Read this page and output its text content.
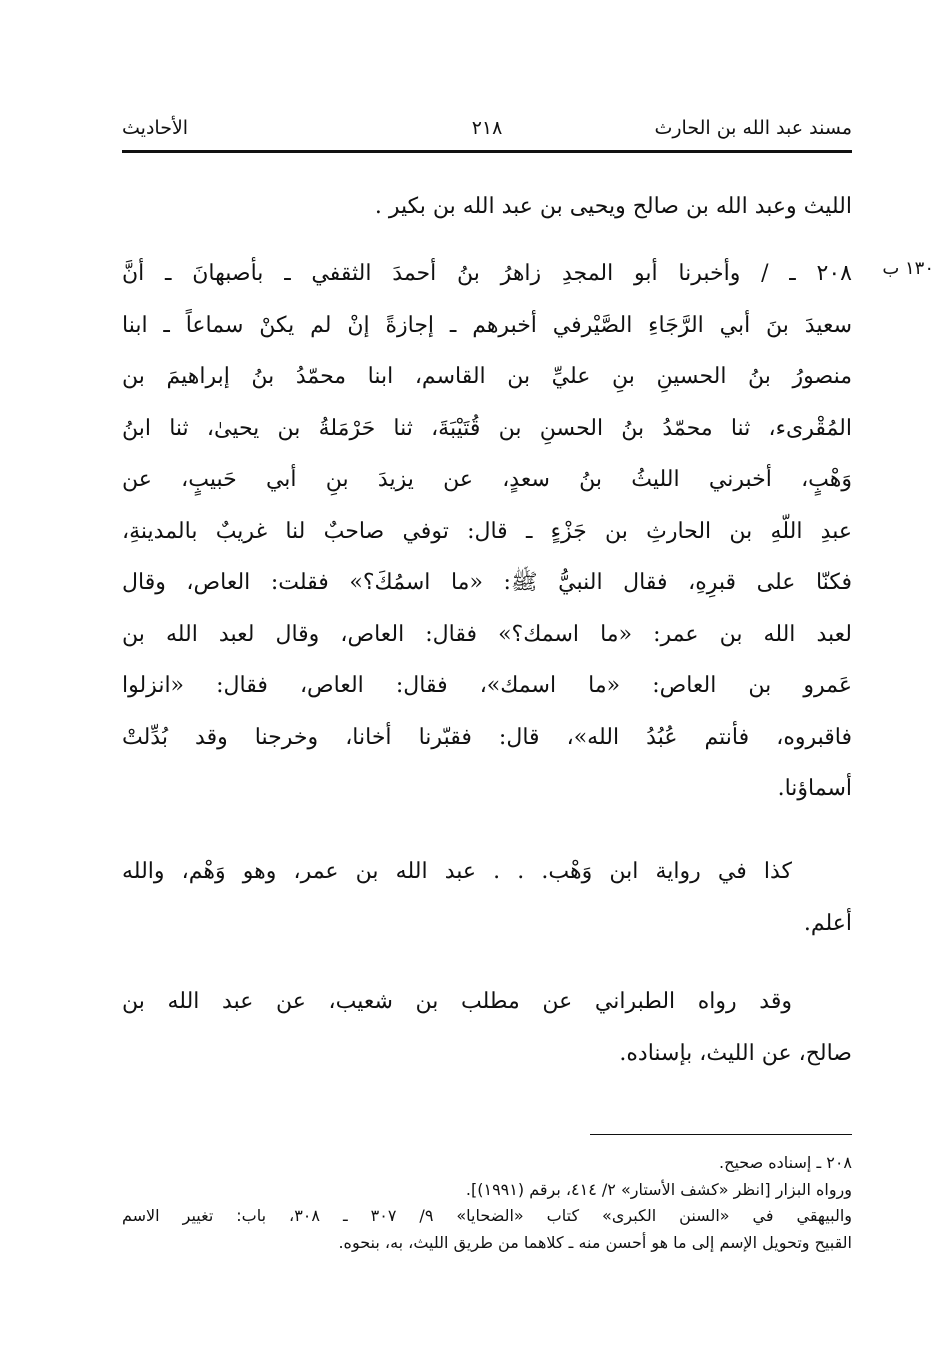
٢١٨	مسند عبد الله بن الحارث
الأحاديث
١٣٠ ب
الليث وعبد الله بن صالح ويحيى بن عبد الله بن بكير .
٢٠٨ ـ / وأخبرنا أبو المجدِ زاهرُ بنُ أحمدَ الثقفي ـ بأصبهانَ ـ أنَّ
سعيدَ بنَ أبي الرَّجَاءِ الصَّيْرفي أخبرهم ـ إجازةً إنْ لم يكنْ سماعاً ـ ابنا
منصورُ بنُ الحسينِ بنِ عليِّ بن القاسم، ابنا محمّدُ بنُ إبراهيمَ بن
المُقْرىء، ثنا محمّدُ بنُ الحسنِ بن قُتَيْبَةَ، ثنا حَرْمَلةُ بن يحيىٰ، ثنا ابنُ
وَهْبٍ، أخبرني الليثُ بنُ سعدٍ، عن يزيدَ بنِ أبي حَبيبٍ، عن
عبدِ اللّهِ بن الحارثِ بن جَزْءٍ ـ قال: توفي صاحبٌ لنا غريبٌ بالمدينةِ،
فكنّا على قبرِهِ، فقال النبيُّ ﷺ: «ما اسمُكَ؟» فقلت: العاص، وقال
لعبد الله بن عمر: «ما اسمك؟» فقال: العاص، وقال لعبد الله بن
عَمرو بن العاص: «ما اسمك»، فقال: العاص، فقال: «انزلوا
فاقبروه، فأنتم عُبُدُ الله»، قال: فقبّرنا أخانا، وخرجنا وقد بُدِّلتْ
أسماؤنا.
كذا في رواية ابن وَهْب. . . عبد الله بن عمر، وهو وَهْم، والله
أعلم.
وقد رواه الطبراني عن مطلب بن شعيب، عن عبد الله بن
صالح، عن الليث، بإسناده.
٢٠٨ ـ إسناده صحيح.
ورواه البزار [انظر «كشف الأستار» ٢/ ٤١٤، برقم (١٩٩١)].
والبيهقي في «السنن الكبرى» كتاب «الضحايا» ٩/ ٣٠٧ ـ ٣٠٨، باب: تغيير الاسم
القبيح وتحويل الإسم إلى ما هو أحسن منه ـ كلاهما من طريق الليث، به، بنحوه.
